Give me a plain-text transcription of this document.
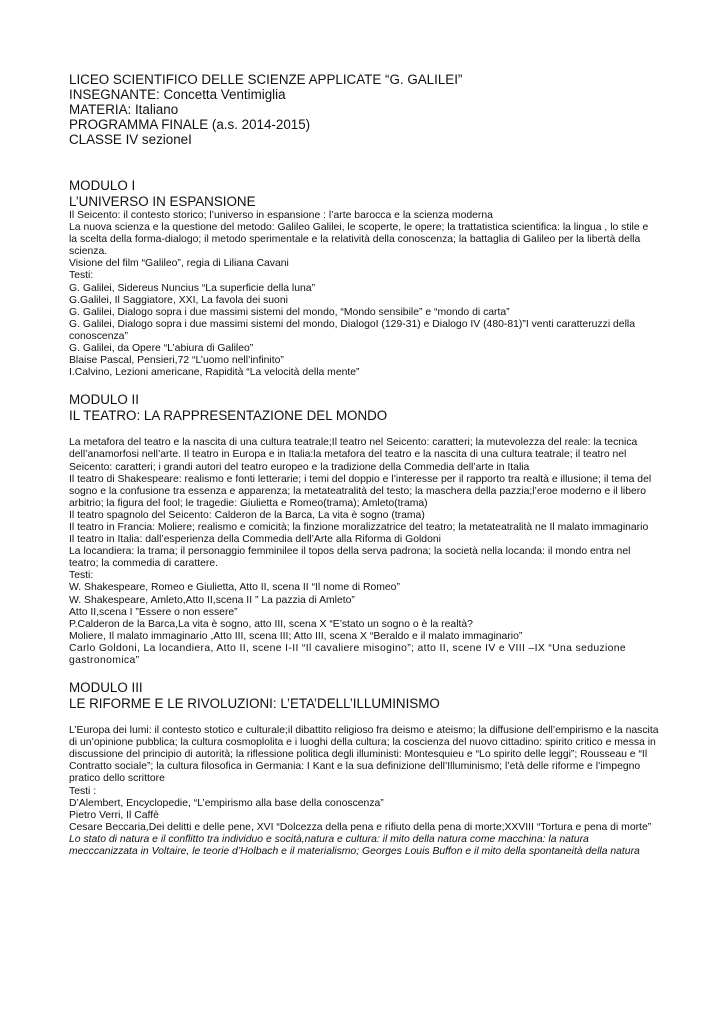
LICEO SCIENTIFICO DELLE SCIENZE APPLICATE “G. GALILEI”
INSEGNANTE: Concetta Ventimiglia
MATERIA: Italiano
PROGRAMMA FINALE (a.s. 2014-2015)
CLASSE IV sezioneI
MODULO I
L’UNIVERSO IN ESPANSIONE
Il Seicento: il contesto storico; l’universo in espansione : l’arte barocca e la scienza moderna
La nuova scienza e la questione del metodo: Galileo Galilei, le scoperte, le opere; la trattatistica scientifica: la lingua , lo stile e la scelta della forma-dialogo; il metodo sperimentale e la relatività della conoscenza; la battaglia di Galileo per la libertà della scienza.
Visione del film “Galileo”, regia di Liliana Cavani
Testi:
G. Galilei, Sidereus Nuncius “La superficie della luna”
G.Galilei, Il Saggiatore, XXI, La favola dei suoni
G. Galilei, Dialogo sopra i due massimi sistemi del mondo, “Mondo sensibile” e “mondo di carta”
G. Galilei, Dialogo sopra i due massimi sistemi del mondo, DialogoI (129-31) e Dialogo IV (480-81)”I venti caratteruzzi della conoscenza”
G. Galilei, da Opere “L’abiura di Galileo”
Blaise Pascal, Pensieri,72 “L’uomo nell’infinito”
I.Calvino, Lezioni americane, Rapidità “La velocità della mente”
MODULO II
IL TEATRO: LA RAPPRESENTAZIONE DEL MONDO
La metafora del teatro e la nascita di una cultura teatrale;Il teatro nel Seicento: caratteri; la mutevolezza del reale: la tecnica dell’anamorfosi nell’arte. Il teatro in Europa e in Italia:la metafora del teatro e la nascita di una cultura teatrale; il teatro nel Seicento: caratteri; i grandi autori del teatro europeo e la tradizione della Commedia dell’arte in Italia
Il teatro di Shakespeare: realismo e fonti letterarie; i temi del doppio e l’interesse per il rapporto tra realtà e illusione; il tema del sogno e la confusione tra essenza e apparenza; la metateatralità del testo; la maschera della pazzia;l’eroe moderno e il libero arbitrio; la figura del fool; le tragedie: Giulietta e Romeo(trama); Amleto(trama)
Il teatro spagnolo del Seicento: Calderon de la Barca, La vita è sogno (trama)
Il teatro in Francia: Moliere; realismo e comicità; la finzione moralizzatrice del teatro; la metateatralità ne Il malato immaginario
Il teatro in Italia: dall’esperienza della Commedia dell’Arte alla Riforma di Goldoni
La locandiera: la trama; il personaggio femminilee il topos della serva padrona; la società nella locanda: il mondo entra nel teatro; la commedia di carattere.
Testi:
W. Shakespeare, Romeo e Giulietta, Atto II, scena II “Il nome di Romeo”
W. Shakespeare, Amleto,Atto II,scena II ” La pazzia di Amleto”
Atto II,scena I ”Essere o non essere”
P.Calderon de la Barca,La vita è sogno, atto III, scena X “E’stato un sogno o è la realtà?
Moliere, Il malato immaginario ,Atto III, scena III; Atto III, scena X “Beraldo e il malato immaginario”
Carlo Goldoni, La locandiera, Atto II, scene I-II “Il cavaliere misogino”; atto II, scene IV e VIII –IX “Una seduzione gastronomica”
MODULO III
LE RIFORME E LE RIVOLUZIONI: L’ETA’DELL’ILLUMINISMO
L’Europa dei lumi: il contesto stotico e culturale;il dibattito religioso fra deismo e ateismo; la diffusione dell’empirismo e la nascita di un’opinione pubblica; la cultura cosmoplolita e i luoghi della cultura; la coscienza del nuovo cittadino: spirito critico e messa in discussione del principio di autorità; la riflessione politica degli illuministi: Montesquieu e “Lo spirito delle leggi”; Rousseau e “Il Contratto sociale”; la cultura filosofica in Germania: I Kant e la sua definizione dell’Illuminismo; l’età delle riforme e l’impegno pratico dello scrittore
Testi :
D’Alembert, Encyclopedie, “L’empirismo alla base della conoscenza”
Pietro Verri, Il Caffè
Cesare Beccaria,Dei delitti e delle pene, XVI “Dolcezza della pena e rifiuto della pena di morte;XXVIII “Tortura e pena di morte”
Lo stato di natura e il conflitto tra individuo e socità,natura e cultura: il mito della natura come macchina: la natura mecccanizzata in Voltaire, le teorie d’Holbach e il materialismo; Georges Louis Buffon e il mito della spontaneità della natura
